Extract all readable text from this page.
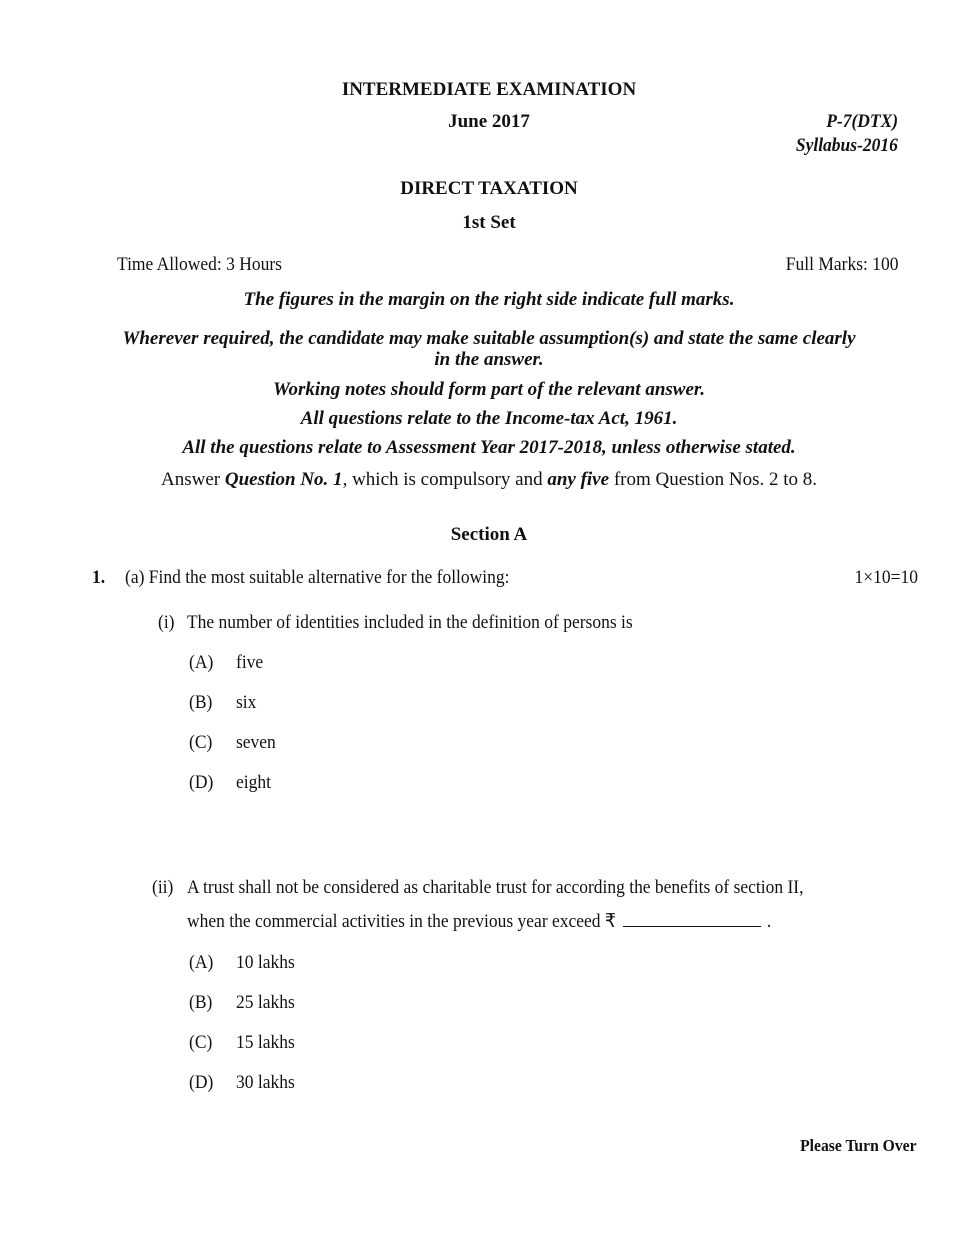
INTERMEDIATE EXAMINATION
June 2017	P-7(DTX)
Syllabus-2016
DIRECT TAXATION
1st Set
Time Allowed: 3 Hours	Full Marks: 100
The figures in the margin on the right side indicate full marks.
Wherever required, the candidate may make suitable assumption(s) and state the same clearly
in the answer.
Working notes should form part of the relevant answer.
All questions relate to the Income-tax Act, 1961.
All the questions relate to Assessment Year 2017-2018, unless otherwise stated.
Answer Question No. 1, which is compulsory and any five from Question Nos. 2 to 8.
Section A
1. (a) Find the most suitable alternative for the following:	1×10=10
(i) The number of identities included in the definition of persons is
(A) five
(B) six
(C) seven
(D) eight
(ii) A trust shall not be considered as charitable trust for according the benefits of section II,
when the commercial activities in the previous year exceed ₹	.
(A) 10 lakhs
(B) 25 lakhs
(C) 15 lakhs
(D) 30 lakhs
Please Turn Over
